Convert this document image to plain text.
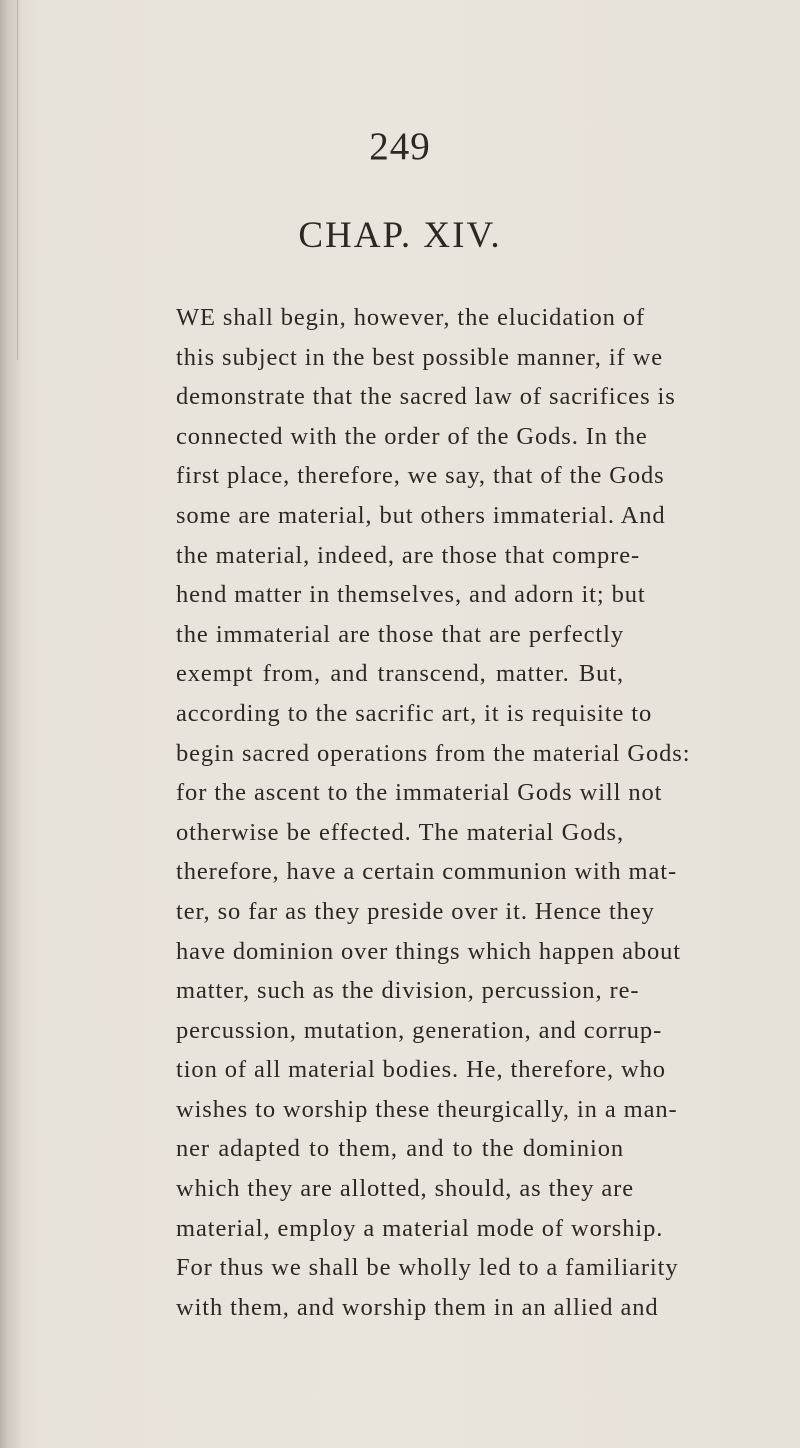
249
CHAP. XIV.
WE shall begin, however, the elucidation of
this subject in the best possible manner, if we
demonstrate that the sacred law of sacrifices is
connected with the order of the Gods. In the
first place, therefore, we say, that of the Gods
some are material, but others immaterial. And
the material, indeed, are those that compre-
hend matter in themselves, and adorn it; but
the immaterial are those that are perfectly
exempt from, and transcend, matter. But,
according to the sacrific art, it is requisite to
begin sacred operations from the material Gods:
for the ascent to the immaterial Gods will not
otherwise be effected. The material Gods,
therefore, have a certain communion with mat-
ter, so far as they preside over it. Hence they
have dominion over things which happen about
matter, such as the division, percussion, re-
percussion, mutation, generation, and corrup-
tion of all material bodies. He, therefore, who
wishes to worship these theurgically, in a man-
ner adapted to them, and to the dominion
which they are allotted, should, as they are
material, employ a material mode of worship.
For thus we shall be wholly led to a familiarity
with them, and worship them in an allied and
